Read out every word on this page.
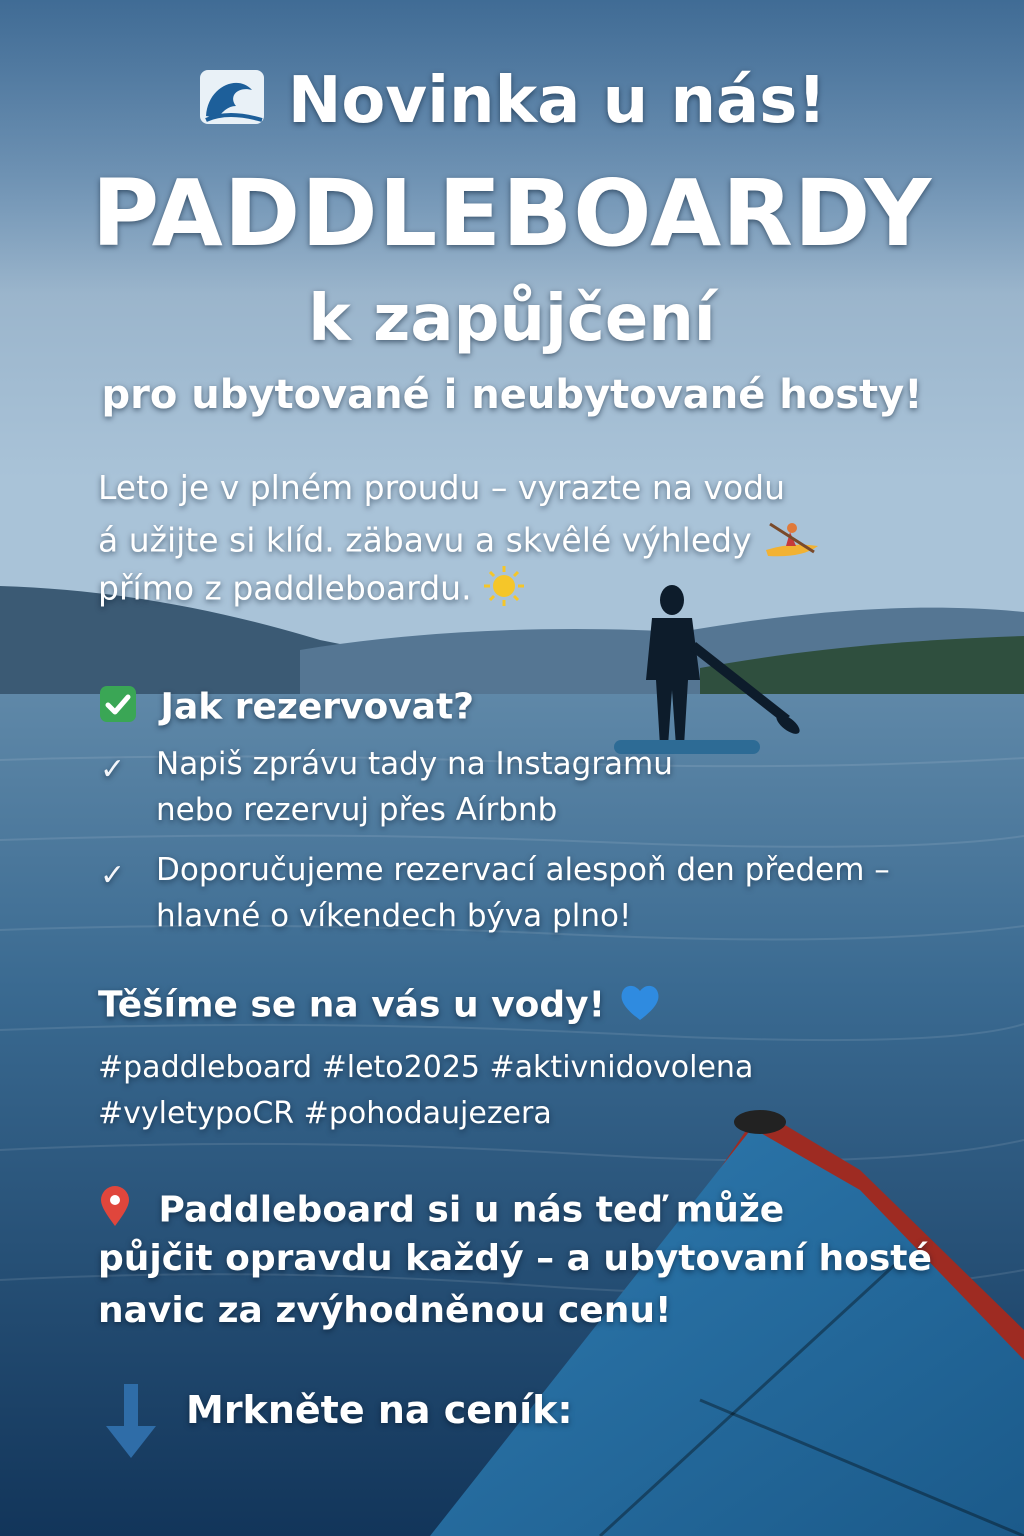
Novinka u nás!
PADDLEBOARDY
k zapůjčení
pro ubytované i neubytované hosty!
Leto je v plném proudu – vyrazte na vodu
á užijte si klíd. zäbavu a skvêlé výhledy
přímo z paddleboardu.
Jak rezervovat?
✓ Napiš zprávu tady na Instagramu
nebo rezervuj přes Aírbnb
✓ Doporučujeme rezervací alespoň den předem –
hlavné o víkendech býva plno!
Těšíme se na vás u vody!
#paddleboard #leto2025 #aktivnidovolena
#vyletypoCR #pohodaujezera
Paddleboard si u nás teď může
půjčit opravdu každý – a ubytovaní hosté
navic za zvýhodněnou cenu!
Mrkněte na ceník:
